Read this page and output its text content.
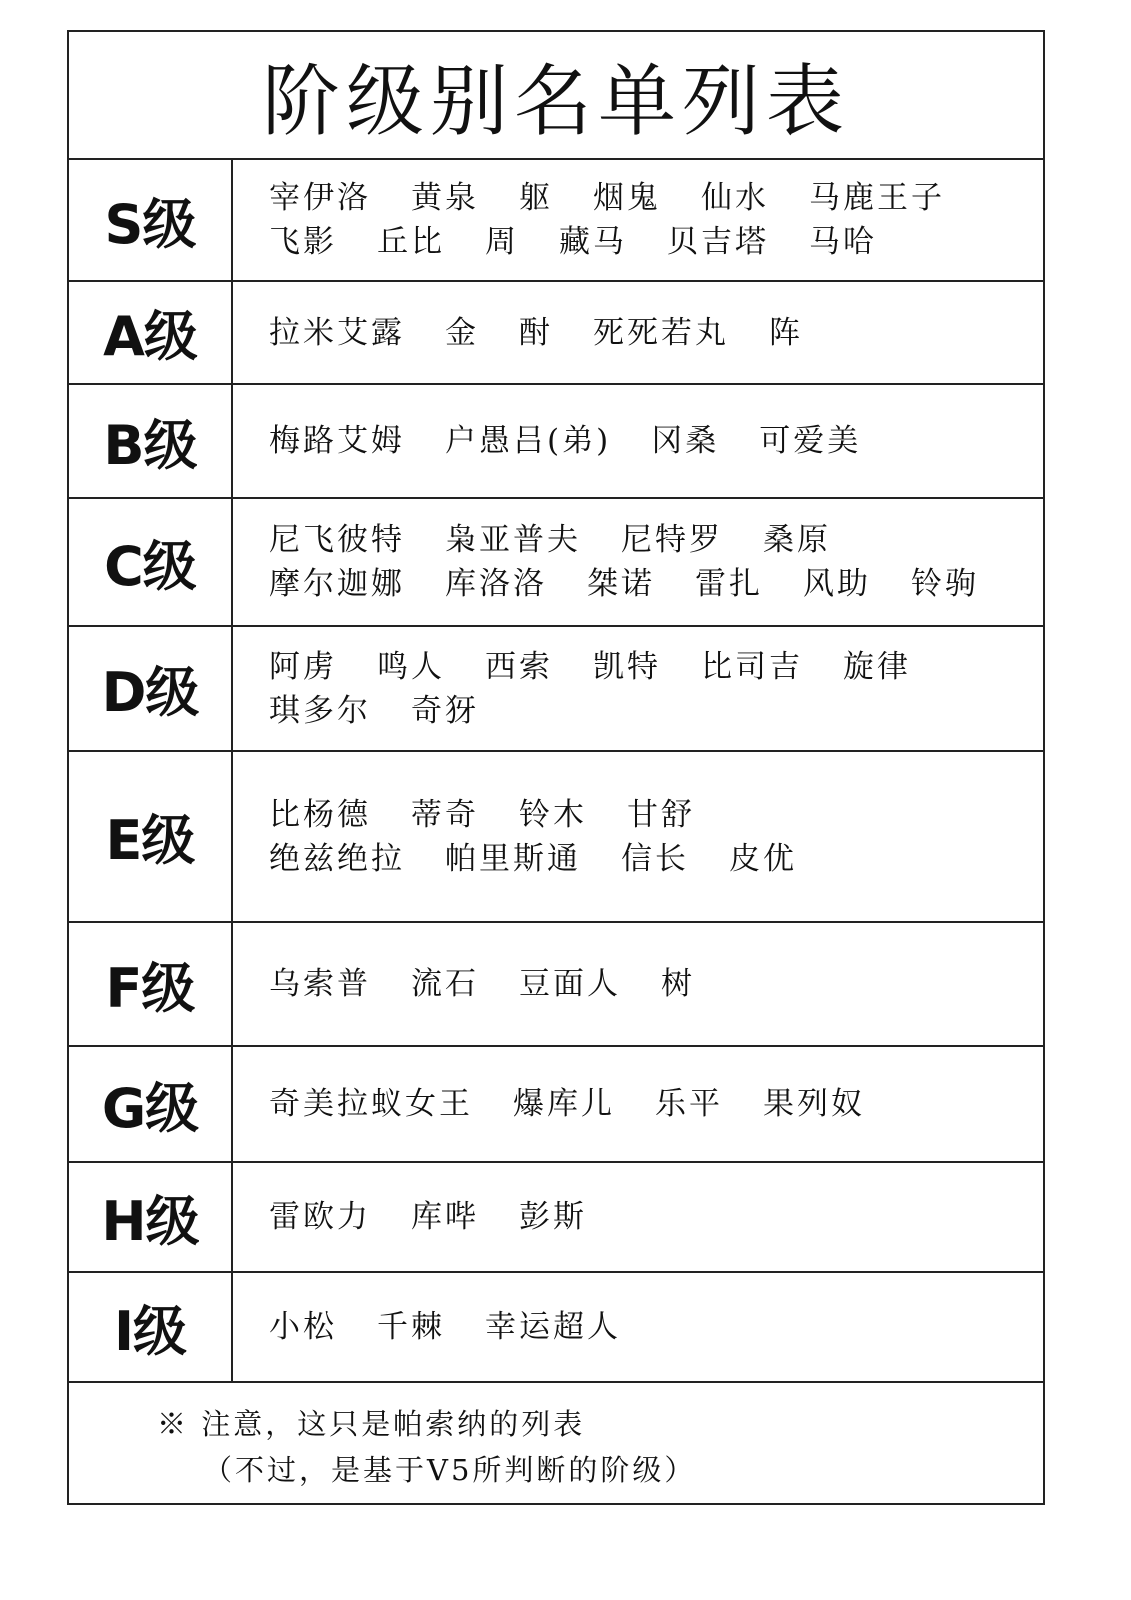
阶级别名单列表
S级	宰伊洛 黄泉 躯 烟鬼 仙水 马鹿王子
飞影 丘比 周 藏马 贝吉塔 马哈
A级	拉米艾露 金 酎 死死若丸 阵
B级	梅路艾姆 户愚吕(弟) 冈桑 可爱美
C级	尼飞彼特 枭亚普夫 尼特罗 桑原
摩尔迦娜 库洛洛 桀诺 雷扎 风助 铃驹
D级	阿虏 鸣人 西索 凯特 比司吉 旋律
琪多尔 奇犽
E级	比杨德 蒂奇 铃木 甘舒
绝兹绝拉 帕里斯通 信长 皮优
F级	乌索普 流石 豆面人 树
G级	奇美拉蚁女王 爆库儿 乐平 果列奴
H级	雷欧力 库哔 彭斯
I级	小松 千棘 幸运超人
※ 注意，这只是帕索纳的列表
（不过，是基于V5所判断的阶级）
